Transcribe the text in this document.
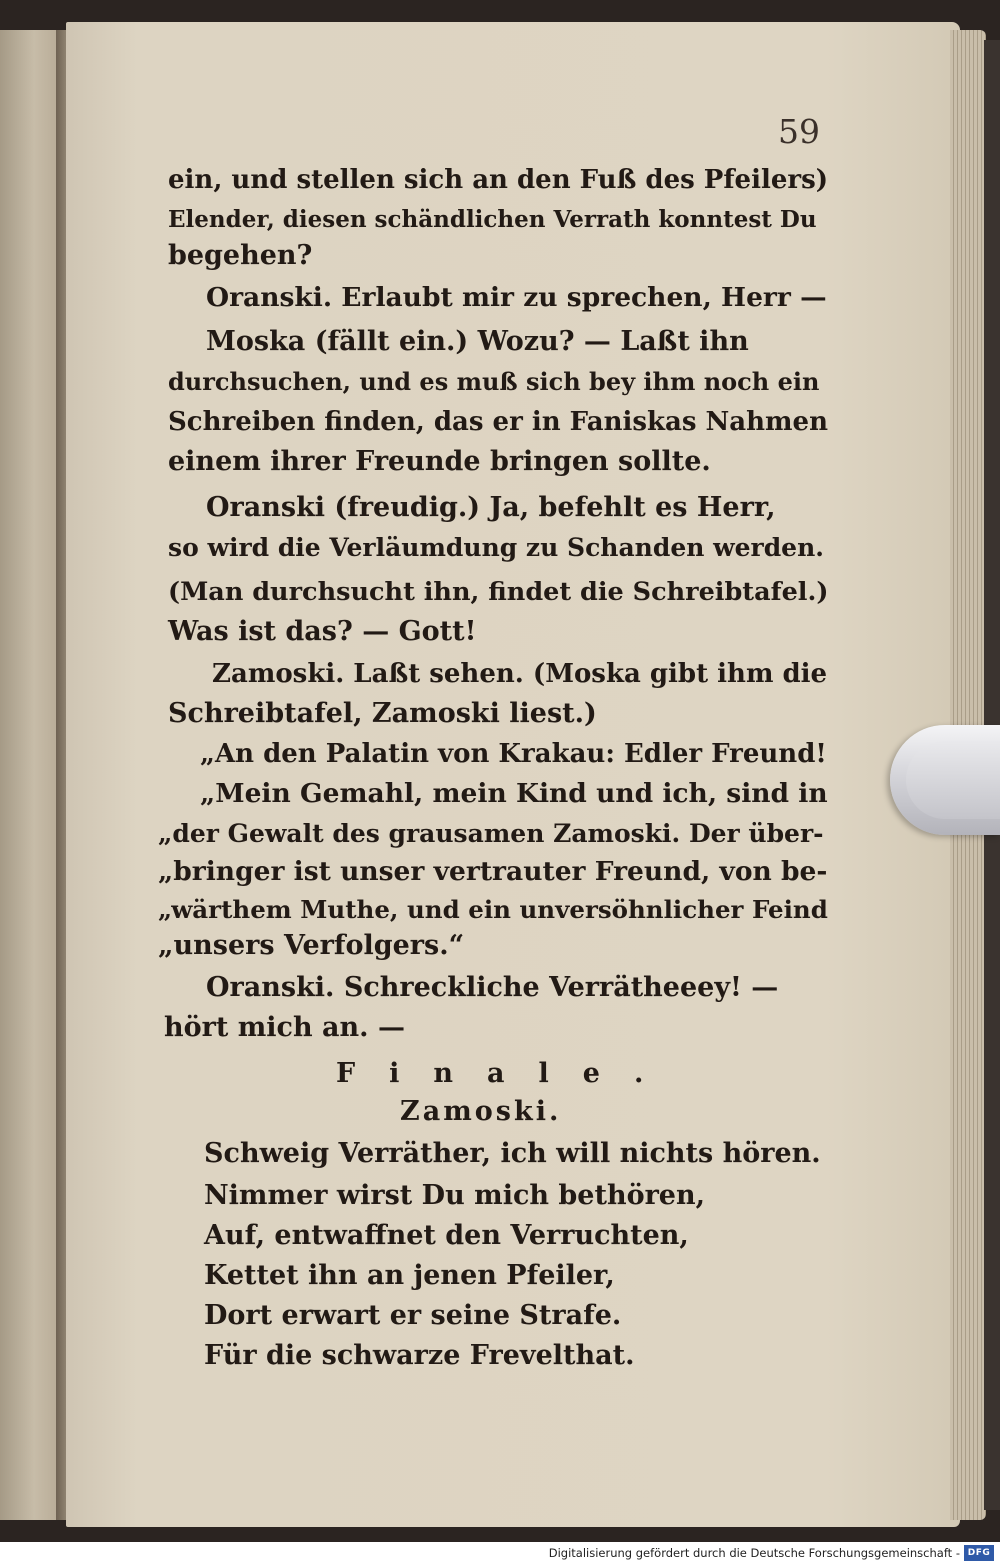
59
ein, und stellen sich an den Fuß des Pfeilers)
Elender, diesen schändlichen Verrath konntest Du
begehen?
Oranski. Erlaubt mir zu sprechen, Herr —
Moska (fällt ein.) Wozu? — Laßt ihn
durchsuchen, und es muß sich bey ihm noch ein
Schreiben finden, das er in Faniskas Nahmen
einem ihrer Freunde bringen sollte.
Oranski (freudig.) Ja, befehlt es Herr,
so wird die Verläumdung zu Schanden werden.
(Man durchsucht ihn, findet die Schreibtafel.)
Was ist das? — Gott!
Zamoski. Laßt sehen. (Moska gibt ihm die
Schreibtafel, Zamoski liest.)
„An den Palatin von Krakau: Edler Freund!
„Mein Gemahl, mein Kind und ich, sind in
„der Gewalt des grausamen Zamoski. Der über-
„bringer ist unser vertrauter Freund, von be-
„wärthem Muthe, und ein unversöhnlicher Feind
„unsers Verfolgers.“
Oranski. Schreckliche Verrätheeey! —
hört mich an. —
Finale.
Zamoski.
Schweig Verräther, ich will nichts hören.
Nimmer wirst Du mich bethören,
Auf, entwaffnet den Verruchten,
Kettet ihn an jenen Pfeiler,
Dort erwart er seine Strafe.
Für die schwarze Frevelthat.
Digitalisierung gefördert durch die Deutsche Forschungsgemeinschaft - DFG
